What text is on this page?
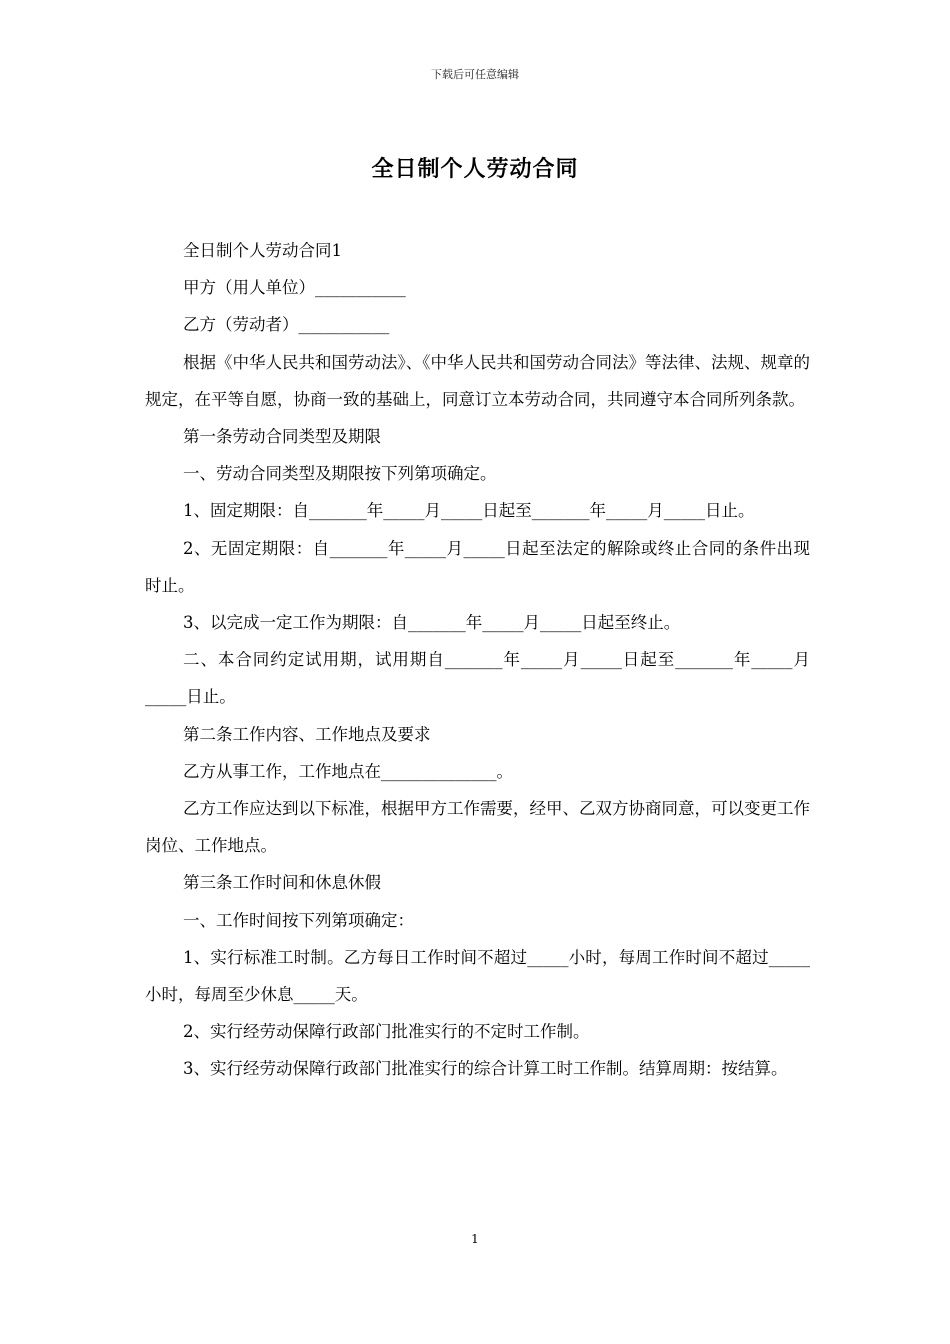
下载后可任意编辑
全日制个人劳动合同

全日制个人劳动合同1

甲方（用人单位）___________

乙方（劳动者）___________

根据《中华人民共和国劳动法》、《中华人民共和国劳动合同法》等法律、法规、规章的规定，在平等自愿，协商一致的基础上，同意订立本劳动合同，共同遵守本合同所列条款。

第一条劳动合同类型及期限

一、劳动合同类型及期限按下列第项确定。

1、固定期限：自_______年_____月_____日起至_______年_____月_____日止。

2、无固定期限：自_______年_____月_____日起至法定的解除或终止合同的条件出现时止。

3、以完成一定工作为期限：自_______年_____月_____日起至终止。

二、本合同约定试用期，试用期自_______年_____月_____日起至_______年_____月_____日止。

第二条工作内容、工作地点及要求

乙方从事工作，工作地点在______________。

乙方工作应达到以下标准，根据甲方工作需要，经甲、乙双方协商同意，可以变更工作岗位、工作地点。

第三条工作时间和休息休假

一、工作时间按下列第项确定：

1、实行标准工时制。乙方每日工作时间不超过_____小时，每周工作时间不超过_____小时，每周至少休息_____天。

2、实行经劳动保障行政部门批准实行的不定时工作制。

3、实行经劳动保障行政部门批准实行的综合计算工时工作制。结算周期：按结算。

1
